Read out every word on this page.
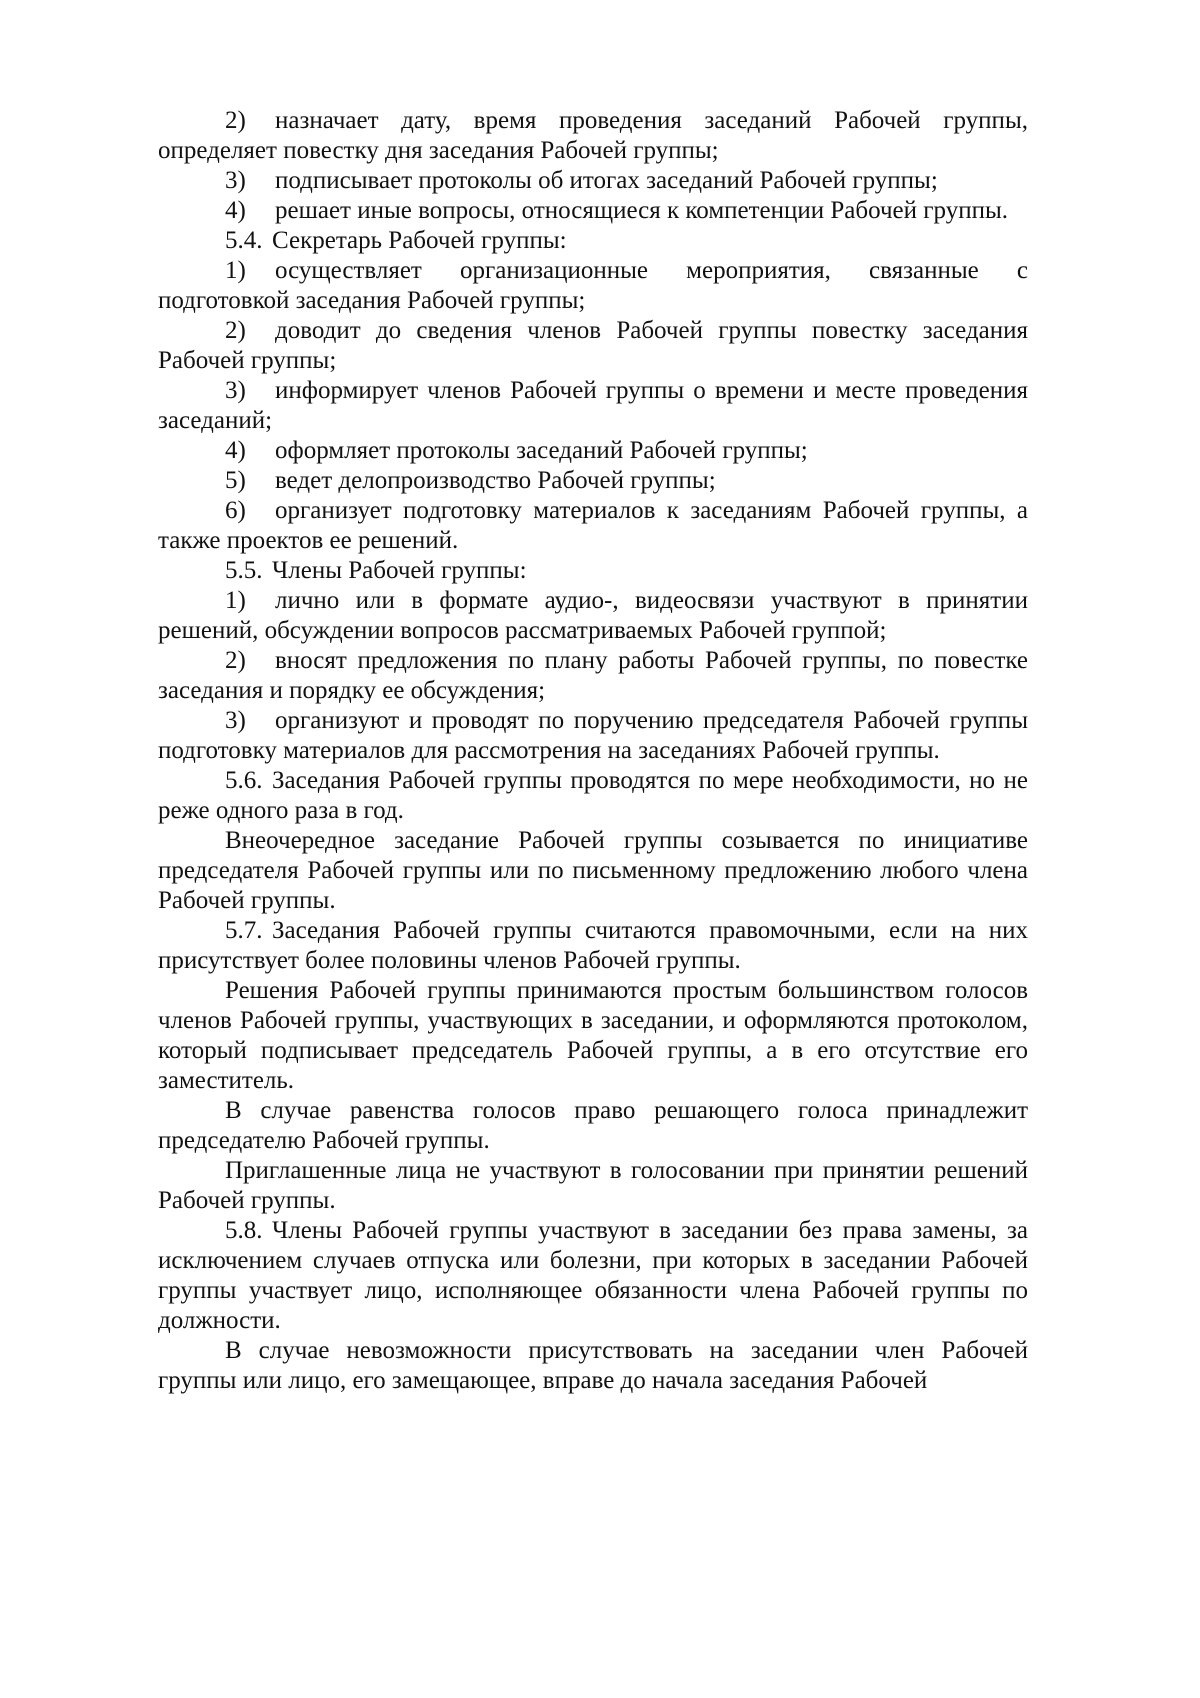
2) назначает дату, время проведения заседаний Рабочей группы, определяет повестку дня заседания Рабочей группы;

3) подписывает протоколы об итогах заседаний Рабочей группы;

4) решает иные вопросы, относящиеся к компетенции Рабочей группы.

5.4. Секретарь Рабочей группы:

1) осуществляет организационные мероприятия, связанные с подготовкой заседания Рабочей группы;

2) доводит до сведения членов Рабочей группы повестку заседания Рабочей группы;

3) информирует членов Рабочей группы о времени и месте проведения заседаний;

4) оформляет протоколы заседаний Рабочей группы;

5) ведет делопроизводство Рабочей группы;

6) организует подготовку материалов к заседаниям Рабочей группы, а также проектов ее решений.

5.5. Члены Рабочей группы:

1) лично или в формате аудио-, видеосвязи участвуют в принятии решений, обсуждении вопросов рассматриваемых Рабочей группой;

2) вносят предложения по плану работы Рабочей группы, по повестке заседания и порядку ее обсуждения;

3) организуют и проводят по поручению председателя Рабочей группы подготовку материалов для рассмотрения на заседаниях Рабочей группы.

5.6. Заседания Рабочей группы проводятся по мере необходимости, но не реже одного раза в год.

Внеочередное заседание Рабочей группы созывается по инициативе председателя Рабочей группы или по письменному предложению любого члена Рабочей группы.

5.7. Заседания Рабочей группы считаются правомочными, если на них присутствует более половины членов Рабочей группы.

Решения Рабочей группы принимаются простым большинством голосов членов Рабочей группы, участвующих в заседании, и оформляются протоколом, который подписывает председатель Рабочей группы, а в его отсутствие его заместитель.

В случае равенства голосов право решающего голоса принадлежит председателю Рабочей группы.

Приглашенные лица не участвуют в голосовании при принятии решений Рабочей группы.

5.8. Члены Рабочей группы участвуют в заседании без права замены, за исключением случаев отпуска или болезни, при которых в заседании Рабочей группы участвует лицо, исполняющее обязанности члена Рабочей группы по должности.

В случае невозможности присутствовать на заседании член Рабочей группы или лицо, его замещающее, вправе до начала заседания Рабочей
